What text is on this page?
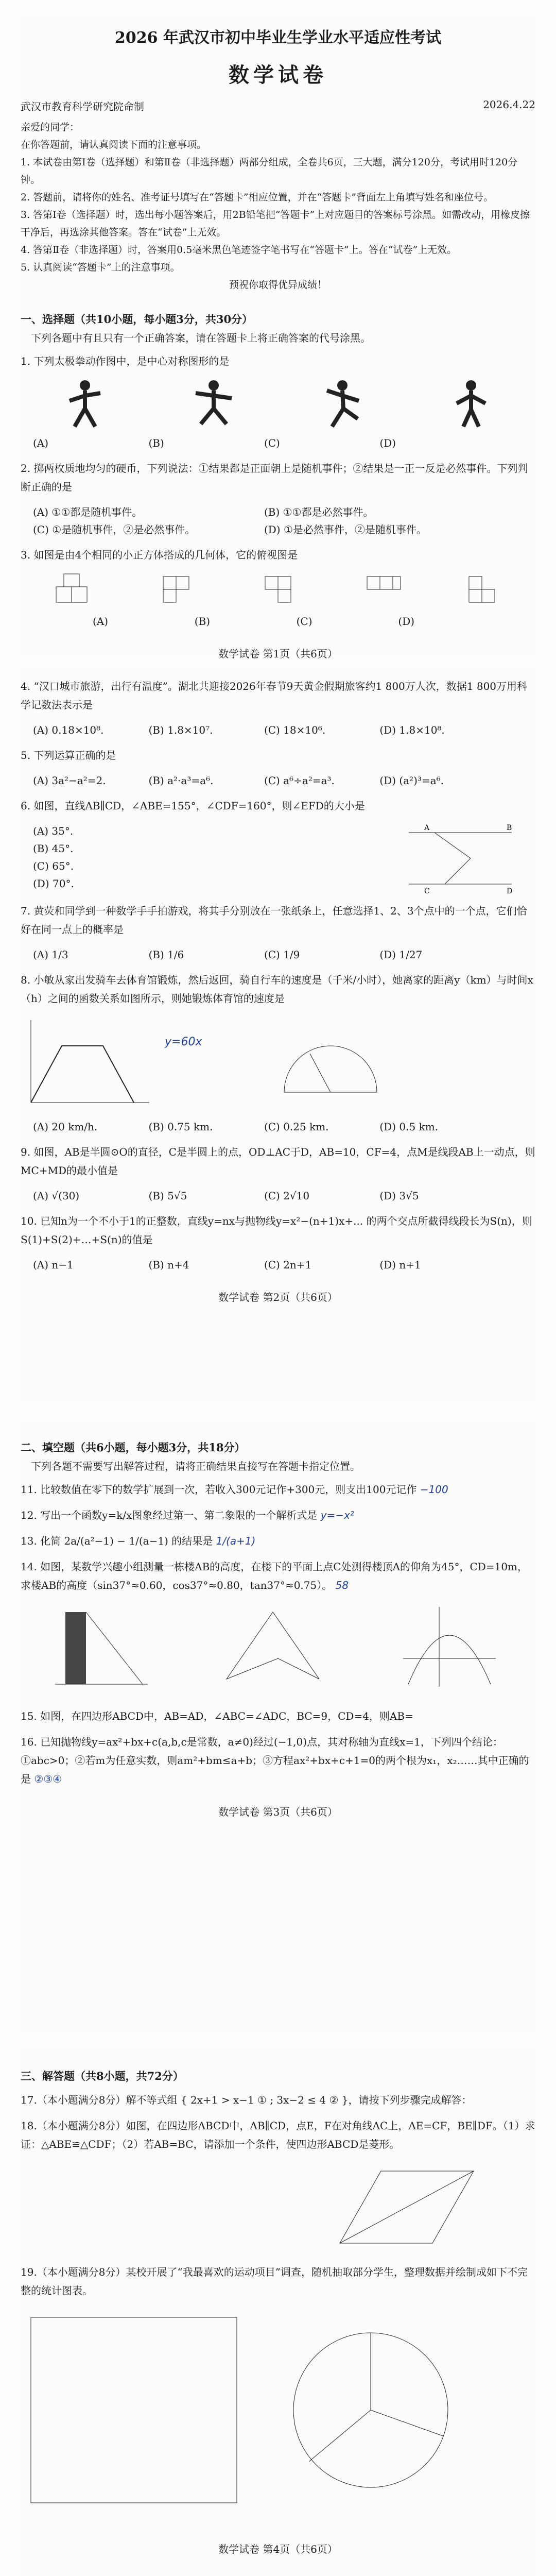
2026 年武汉市初中毕业生学业水平适应性考试
数学试卷
武汉市教育科学研究院命制	2026.4.22

亲爱的同学：

在你答题前，请认真阅读下面的注意事项。

1. 本试卷由第Ⅰ卷（选择题）和第Ⅱ卷（非选择题）两部分组成，全卷共6页，三大题，满分120分，考试用时120分钟。

2. 答题前，请将你的姓名、准考证号填写在“答题卡”相应位置，并在“答题卡”背面左上角填写姓名和座位号。

3. 答第Ⅰ卷（选择题）时，选出每小题答案后，用2B铅笔把“答题卡”上对应题目的答案标号涂黑。如需改动，用橡皮擦干净后，再选涂其他答案。答在“试卷”上无效。

4. 答第Ⅱ卷（非选择题）时，答案用0.5毫米黑色笔迹签字笔书写在“答题卡”上。答在“试卷”上无效。

5. 认真阅读“答题卡”上的注意事项。

预祝你取得优异成绩！

一、选择题（共10小题，每小题3分，共30分）
下列各题中有且只有一个正确答案，请在答题卡上将正确答案的代号涂黑。
1. 下列太极拳动作图中，是中心对称图形的是
(A)	(B)	(C)	(D)
2. 掷两枚质地均匀的硬币，下列说法：①结果都是正面朝上是随机事件；②结果是一正一反是必然事件。下列判断正确的是
(A) ①①都是随机事件。	(B) ①①都是必然事件。
(C) ①是随机事件，②是必然事件。	(D) ①是必然事件，②是随机事件。
3. 如图是由4个相同的小正方体搭成的几何体，它的俯视图是
(A)	(B)	(C)	(D)
数学试卷 第1页（共6页）
4. “汉口城市旅游，出行有温度”。湖北共迎接2026年春节9天黄金假期旅客约1 800万人次，数据1 800万用科学记数法表示是
(A) 0.18×10⁸.	(B) 1.8×10⁷.	(C) 18×10⁶.	(D) 1.8×10⁸.
5. 下列运算正确的是
(A) 3a²−a²=2.	(B) a²·a³=a⁶.	(C) a⁶÷a²=a³.	(D) (a²)³=a⁶.
6. 如图，直线AB∥CD，∠ABE=155°，∠CDF=160°，则∠EFD的大小是
(A) 35°.
(B) 45°.
(C) 65°.
(D) 70°.
A	B
C	D
7. 黄荧和同学到一种数学手手拍游戏，将其手分别放在一张纸条上，任意选择1、2、3个点中的一个点，它们恰好在同一点上的概率是
(A) 1/3	(B) 1/6	(C) 1/9	(D) 1/27
8. 小敏从家出发骑车去体育馆锻炼，然后返回，骑自行车的速度是（千米/小时），她离家的距离y（km）与时间x（h）之间的函数关系如图所示，则她锻炼体育馆的速度是
y=60x
(A) 20 km/h.	(B) 0.75 km.	(C) 0.25 km.	(D) 0.5 km.
9. 如图，AB是半圆⊙O的直径，C是半圆上的点，OD⊥AC于D，AB=10，CF=4，点M是线段AB上一动点，则MC+MD的最小值是
(A) √(30)	(B) 5√5	(C) 2√10	(D) 3√5
10. 已知n为一个不小于1的正整数，直线y=nx与抛物线y=x²−(n+1)x+... 的两个交点所截得线段长为S(n)，则S(1)+S(2)+…+S(n)的值是
(A) n−1	(B) n+4	(C) 2n+1	(D) n+1
数学试卷 第2页（共6页）
二、填空题（共6小题，每小题3分，共18分）
下列各题不需要写出解答过程，请将正确结果直接写在答题卡指定位置。
11. 比较数值在零下的数学扩展到一次，若收入300元记作+300元，则支出100元记作 −100
12. 写出一个函数y=k/x图象经过第一、第二象限的一个解析式是 y=−x²
13. 化简 2a/(a²−1) − 1/(a−1) 的结果是 1/(a+1)
14. 如图，某数学兴趣小组测量一栋楼AB的高度，在楼下的平面上点C处测得楼顶A的仰角为45°，CD=10m，求楼AB的高度（sin37°≈0.60，cos37°≈0.80，tan37°≈0.75）。 58
15. 如图，在四边形ABCD中，AB=AD，∠ABC=∠ADC，BC=9，CD=4，则AB=
16. 已知抛物线y=ax²+bx+c(a,b,c是常数，a≠0)经过(−1,0)点，其对称轴为直线x=1，下列四个结论：①abc>0；②若m为任意实数，则am²+bm≤a+b；③方程ax²+bx+c+1=0的两个根为x₁，x₂……其中正确的是 ②③④
数学试卷 第3页（共6页）
三、解答题（共8小题，共72分）
17.（本小题满分8分）解不等式组 { 2x+1 > x−1 ① ; 3x−2 ≤ 4 ② }，请按下列步骤完成解答：
18.（本小题满分8分）如图，在四边形ABCD中，AB∥CD，点E，F在对角线AC上，AE=CF，BE∥DF。（1）求证：△ABE≌△CDF；（2）若AB=BC，请添加一个条件，使四边形ABCD是菱形。
19.（本小题满分8分）某校开展了“我最喜欢的运动项目”调查，随机抽取部分学生，整理数据并绘制成如下不完整的统计图表。
数学试卷 第4页（共6页）
